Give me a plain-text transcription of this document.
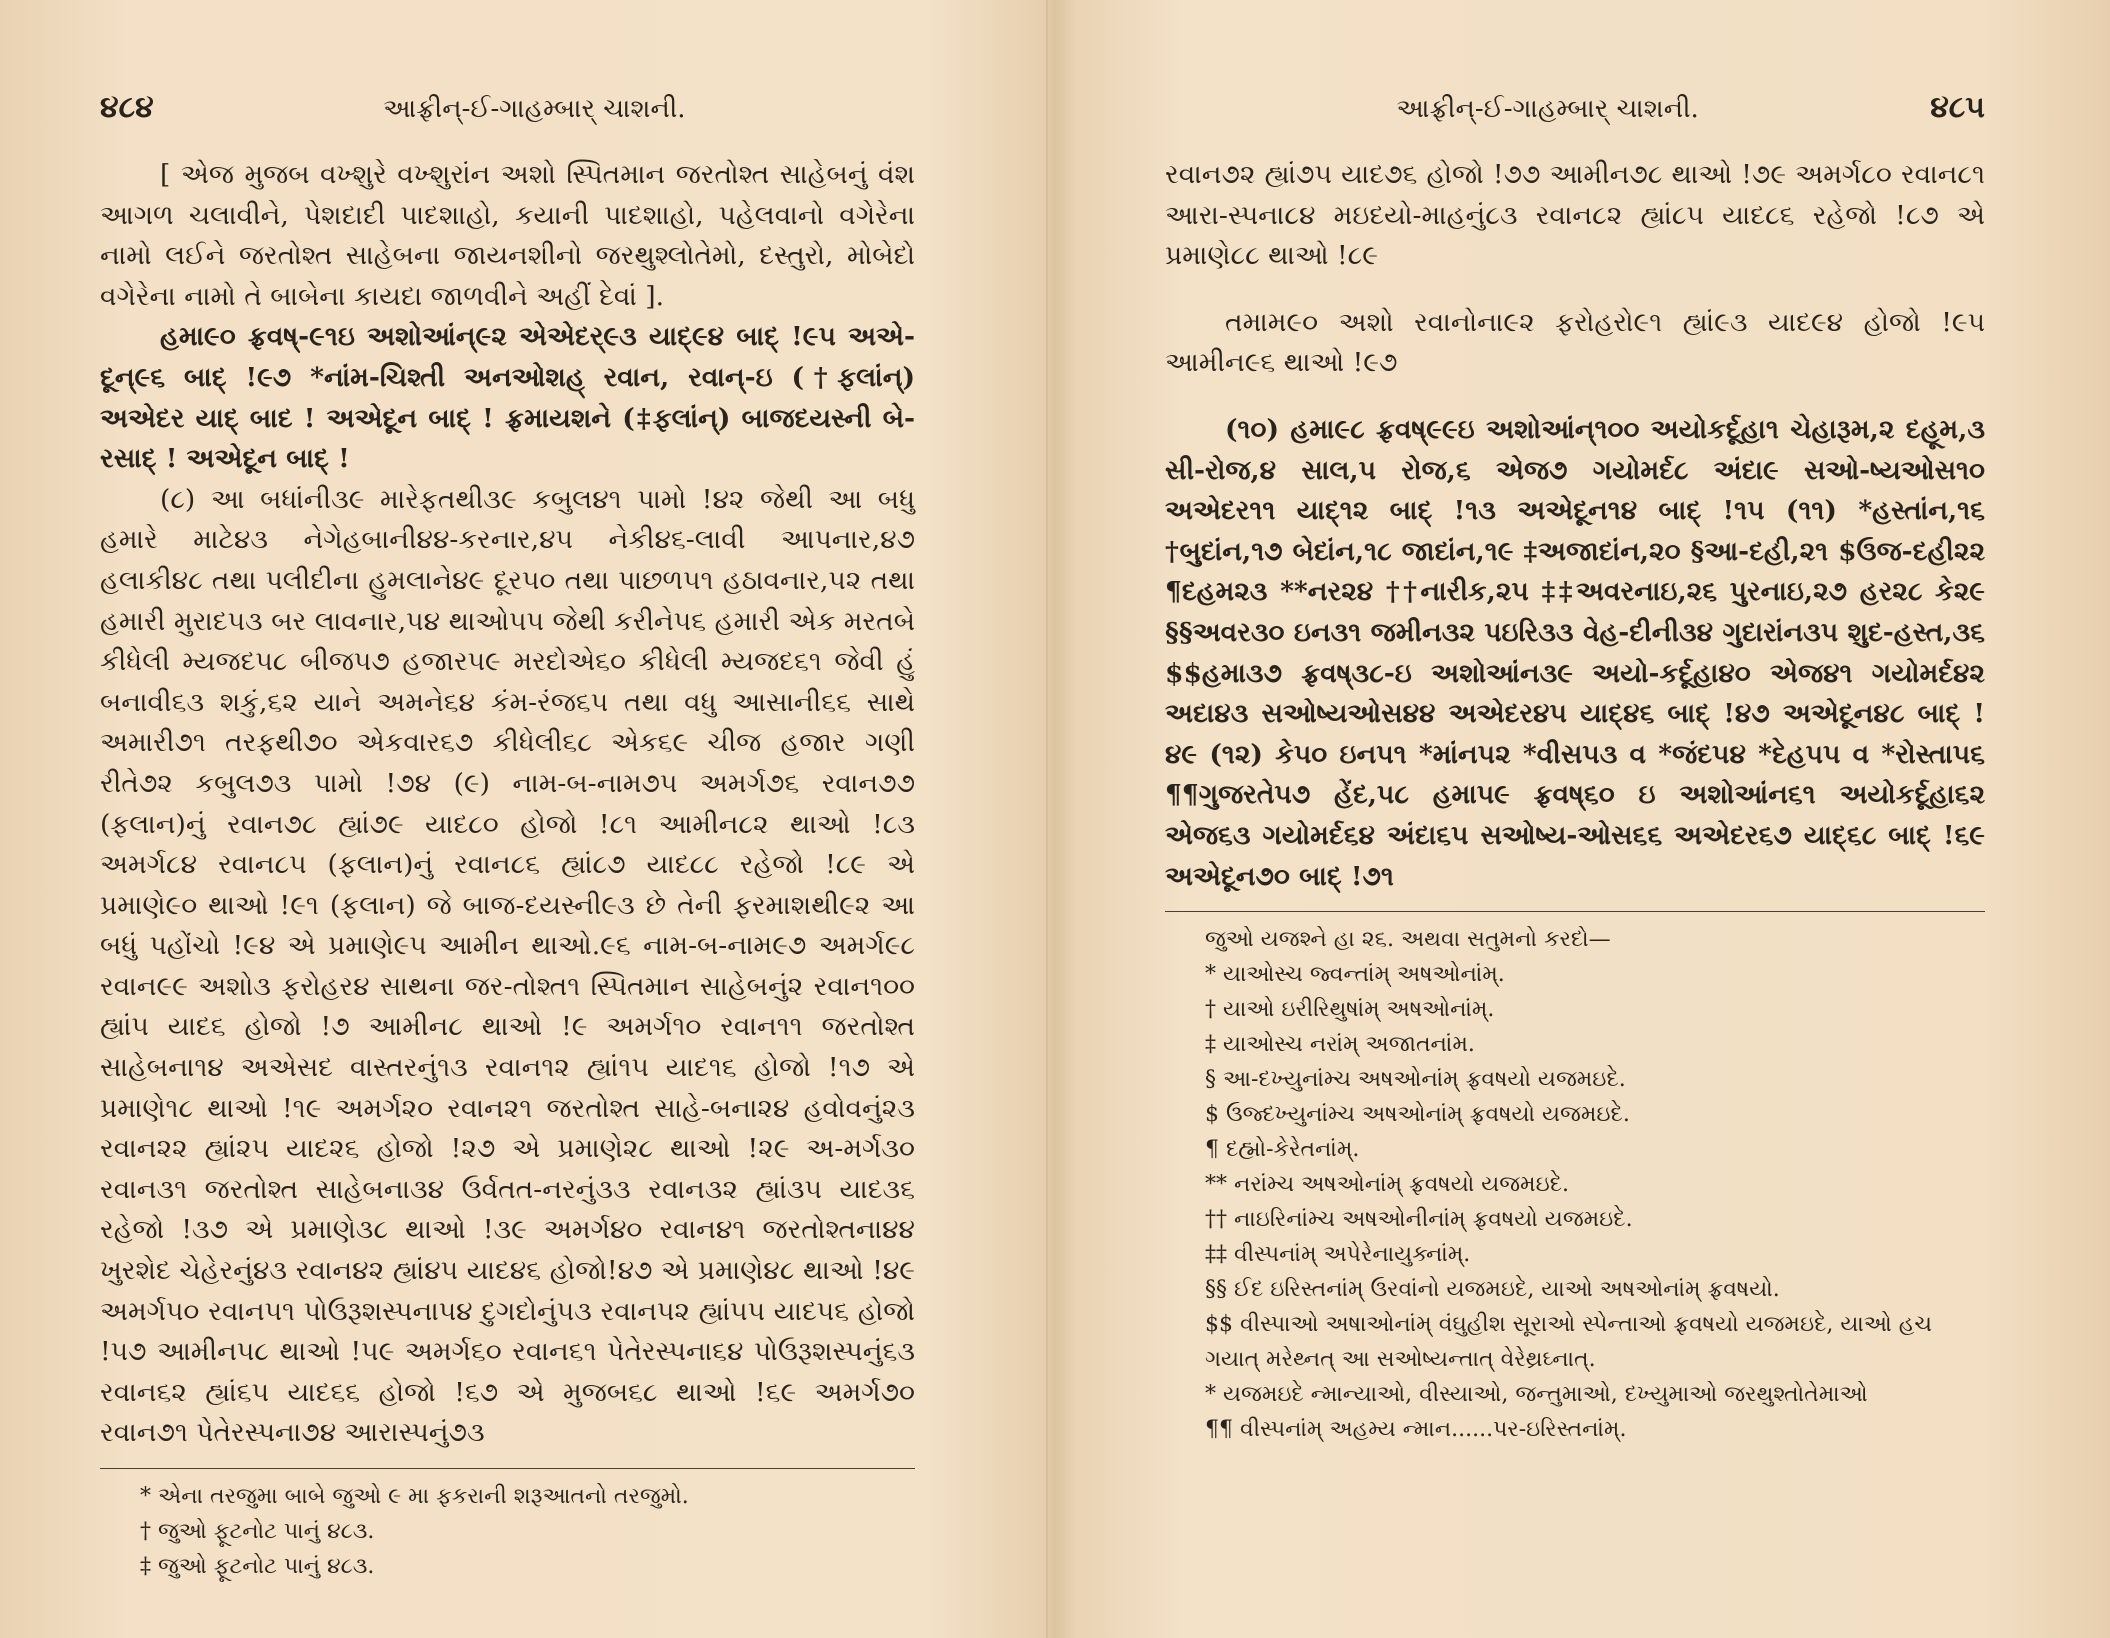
૪૮૪	આફ્રીન્-ઈ-ગાહમ્બાર્ ચાશની.

[ એજ મુજબ વખ્શુરે વખ્શુરાંન અશો સ્પિતમાન જરતોશ્ત સાહેબનું વંશ આગળ ચલાવીને, પેશદાદી પાદશાહો, કયાની પાદશાહો, પહેલવાનો વગેરેના નામો લઈને જરતોશ્ત સાહેબના જાયનશીનો જરથુશ્લોતેમો, દસ્તુરો, મોબેદો વગેરેના નામો તે બાબેના કાયદા જાળવીને અહીં દેવાં ].

હમા૯૦ ફ્રવષ્-૯૧ઇ અશોઆંન્૯૨ એએદર્૯૩ યાદ્૯૪ બાદ્ !૯૫ અએ-દૂન્૯૬ બાદ્ !૯૭ *નાંમ-ચિશ્તી અનઓશહ્ રવાન, રવાન્-ઇ (†ફલાંન્) અએદર યાદ્ બાદ ! અએદૂન બાદ્ ! ફ્રમાયશને (‡ફલાંન્) બાજદયસ્ની બે-રસાદ્ ! અએદૂન બાદ્ !

(૮) આ બધાંની૩૯ મારેફતથી૩૯ કબુલ૪૧ પામો !૪૨ જેથી આ બધુ હમારે માટે૪૩ નેગેહબાની૪૪-કરનાર,૪૫ નેકી૪૬-લાવી આપનાર,૪૭ હલાકી૪૮ તથા પલીદીના હુમલાને૪૯ દૂર૫૦ તથા પાછળ૫૧ હઠાવનાર,૫૨ તથા હમારી મુરાદ૫૩ બર લાવનાર,૫૪ થાઓ૫૫ જેથી કરીને૫૬ હમારી એક મરતબે કીધેલી મ્યજદ૫૮ બીજ૫૭ હજાર૫૯ મરદોએ૬૦ કીધેલી મ્યજદ૬૧ જેવી હું બનાવી૬૩ શકું,૬૨ યાને અમને૬૪ કંમ-રંજ૬૫ તથા વધુ આસાની૬૬ સાથે અમારી૭૧ તરફથી૭૦ એકવાર૬૭ કીધેલી૬૮ એક૬૯ ચીજ હજાર ગણી રીતે૭૨ કબુલ૭૩ પામો !૭૪ (૯) નામ-બ-નામ૭૫ અમર્ગ૭૬ રવાન૭૭ (ફલાન)નું રવાન૭૮ હ્યાં૭૯ યાદ૮૦ હોજો !૮૧ આમીન૮૨ થાઓ !૮૩ અમર્ગ૮૪ રવાન૮૫ (ફલાન)નું રવાન૮૬ હ્યાં૮૭ યાદ૮૮ રહેજો !૮૯ એ પ્રમાણે૯૦ થાઓ !૯૧ (ફલાન) જે બાજ-દયસ્ની૯૩ છે તેની ફરમાશથી૯૨ આ બધું પહોંચો !૯૪ એ પ્રમાણે૯૫ આમીન થાઓ.૯૬ નામ-બ-નામ૯૭ અમર્ગ૯૮ રવાન૯૯ અશો૩ ફરોહર૪ સાથના જર-તોશ્ત૧ સ્પિતમાન સાહેબનું૨ રવાન૧૦૦ હ્યાં૫ યાદ૬ હોજો !૭ આમીન૮ થાઓ !૯ અમર્ગ૧૦ રવાન૧૧ જરતોશ્ત સાહેબના૧૪ અએસદ વાસ્તરનું૧૩ રવાન૧૨ હ્યાં૧૫ યાદ૧૬ હોજો !૧૭ એ પ્રમાણે૧૮ થાઓ !૧૯ અમર્ગ૨૦ રવાન૨૧ જરતોશ્ત સાહે-બના૨૪ હવોવનું૨૩ રવાન૨૨ હ્યાં૨૫ યાદ૨૬ હોજો !૨૭ એ પ્રમાણે૨૮ થાઓ !૨૯ અ-મર્ગ૩૦ રવાન૩૧ જરતોશ્ત સાહેબના૩૪ ઉર્વતત-નરનું૩૩ રવાન૩૨ હ્યાં૩૫ યાદ૩૬ રહેજો !૩૭ એ પ્રમાણે૩૮ થાઓ !૩૯ અમર્ગ૪૦ રવાન૪૧ જરતોશ્તના૪૪ ખુરશેદ ચેહેરનું૪૩ રવાન૪૨ હ્યાં૪૫ યાદ૪૬ હોજો!૪૭ એ પ્રમાણે૪૮ થાઓ !૪૯ અમર્ગ૫૦ રવાન૫૧ પોઉરૂશસ્પના૫૪ દુગદોનું૫૩ રવાન૫૨ હ્યાં૫૫ યાદ૫૬ હોજો !૫૭ આમીન૫૮ થાઓ !૫૯ અમર્ગ૬૦ રવાન૬૧ પેતેરસ્પના૬૪ પોઉરૂશસ્પનું૬૩ રવાન૬૨ હ્યાં૬૫ યાદ૬૬ હોજો !૬૭ એ મુજબ૬૮ થાઓ !૬૯ અમર્ગ૭૦ રવાન૭૧ પેતેરસ્પના૭૪ આરાસ્પનું૭૩

* એના તરજુમા બાબે જુઓ ૯ મા ફકરાની શરૂઆતનો તરજુમો.

† જુઓ ફૂટનોટ પાનું ૪૮૩.

‡ જુઓ ફૂટનોટ પાનું ૪૮૩.

આફ્રીન્-ઈ-ગાહમ્બાર્ ચાશની.	૪૮૫

રવાન૭૨ હ્યાં૭૫ યાદ૭૬ હોજો !૭૭ આમીન૭૮ થાઓ !૭૯ અમર્ગ૮૦ રવાન૮૧ આરા-સ્પના૮૪ મઇદયો-માહનું૮૩ રવાન૮૨ હ્યાં૮૫ યાદ૮૬ રહેજો !૮૭ એ પ્રમાણે૮૮ થાઓ !૮૯

તમામ૯૦ અશો રવાનોના૯૨ ફરોહરો૯૧ હ્યાં૯૩ યાદ૯૪ હોજો !૯૫ આમીન૯૬ થાઓ !૯૭

(૧૦) હમા૯૮ ફ્રવષ્૯૯ઇ અશોઆંન્૧૦૦ અયોકર્દૂહા૧ ચેહારૂમ,૨ દહૂમ,૩ સી-રોજ,૪ સાલ,૫ રોજ,૬ એજ૭ ગયોમર્દ૮ અંદા૯ સઓ-ષ્યઓસ૧૦ અએદર૧૧ યાદ્૧૨ બાદ્ !૧૩ અએદૂન૧૪ બાદ્ !૧૫ (૧૧) *હસ્તાંન,૧૬ †બુદાંન,૧૭ બેદાંન,૧૮ જાદાંન,૧૯ ‡અજાદાંન,૨૦ §આ-દહી,૨૧ $ઉજ-દહી૨૨ ¶દહમ૨૩ **નર૨૪ ††નારીક,૨૫ ‡‡અવરનાઇ,૨૬ પુરનાઇ,૨૭ હર૨૮ કે૨૯ §§અવર૩૦ ઇન૩૧ જમીન૩૨ પઇરિ૩૩ વેહ-દીની૩૪ ગુદારાંન૩૫ શુદ-હસ્ત,૩૬ $$હમા૩૭ ફ્રવષ્૩૮-ઇ અશોઆંન૩૯ અયો-કર્દૂહા૪૦ એજ૪૧ ગયોમર્દ૪૨ અદા૪૩ સઓષ્યઓસ૪૪ અએદર૪૫ યાદ્૪૬ બાદ્ !૪૭ અએદૂન૪૮ બાદ્ !૪૯ (૧૨) કે૫૦ ઇન૫૧ *માંન૫૨ *વીસ૫૩ વ *જંદ૫૪ *દેહ૫૫ વ *રોસ્તા૫૬ ¶¶ગુજરતે૫૭ હેંદ,૫૮ હમા૫૯ ફ્રવષ્૬૦ ઇ અશોઆંન૬૧ અયોકર્દૂહા૬૨ એજ૬૩ ગયોમર્દ૬૪ અંદા૬૫ સઓષ્ય-ઓસ૬૬ અએદર૬૭ યાદ્૬૮ બાદ્ !૬૯ અએદૂન૭૦ બાદ્ !૭૧

જુઓ યજશ્ને હા ૨૬. અથવા સતુમનો કરદો—

* યાઓસ્ચ જ્વન્તાંમ્ અષઓનાંમ્.

† યાઓ ઇરીરિથુષાંમ્ અષઓનાંમ્.

‡ યાઓસ્ચ નરાંમ્ અજાતનાંમ.

§ આ-દખ્યુનાંમ્ચ અષઓનાંમ્ ફ્રવષયો યજમઇદે.

$ ઉજ્દખ્યુનાંમ્ચ અષઓનાંમ્ ફ્રવષયો યજમઇદે.

¶ દહ્મો-કેરેતનાંમ્.

** નરાંમ્ચ અષઓનાંમ્ ફ્રવષયો યજમઇદે.

†† નાઇરિનાંમ્ચ અષઓનીનાંમ્ ફ્રવષયો યજમઇદે.

‡‡ વીસ્પનાંમ્ અપેરેનાયુક્નાંમ્.

§§ ઈદ ઇરિસ્તનાંમ્ ઉરવાંનો યજમઇદે, યાઓ અષઓનાંમ્ ફ્રવષયો.

$$ વીસ્પાઓ અષાઓનાંમ્ વંઘુહીશ સૂરાઓ સ્પેન્તાઓ ફ્રવષયો યજમઇદે, યાઓ હચ ગયાત્ મરેથ્નત્ આ સઓષ્યન્તાત્ વેરેથ્રઘ્નાત્.

* યજમઇદે ન્માન્યાઓ, વીસ્યાઓ, જન્તુમાઓ, દખ્યુમાઓ જરથુશ્તોતેમાઓ

¶¶ વીસ્પનાંમ્ અહમ્ય ન્માન......પર-ઇરિસ્તનાંમ્.
